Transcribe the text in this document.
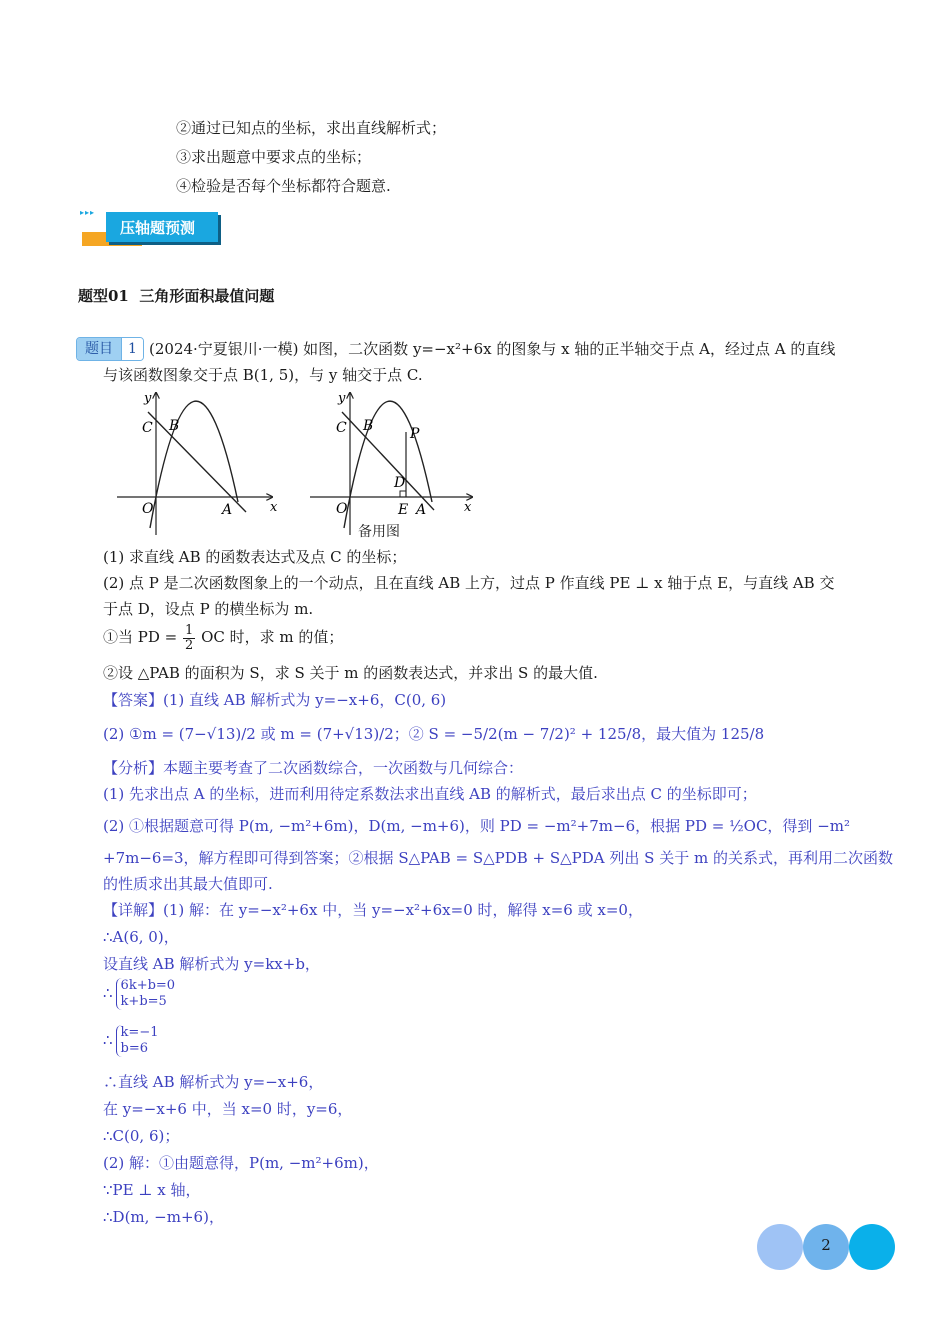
②通过已知点的坐标，求出直线解析式；
③求出题意中要求点的坐标；
④检验是否每个坐标都符合题意.
▸▸▸
压轴题预测
题型01  三角形面积最值问题
题目	1 (2024·宁夏银川·一模) 如图，二次函数 y=−x²+6x 的图象与 x 轴的正半轴交于点 A，经过点 A 的直线
与该函数图象交于点 B(1, 5)，与 y 轴交于点 C.
y
C B
O	A	x
y
C B	P
D
O	E A	x
备用图
(1) 求直线 AB 的函数表达式及点 C 的坐标；
(2) 点 P 是二次函数图象上的一个动点，且在直线 AB 上方，过点 P 作直线 PE ⊥ x 轴于点 E，与直线 AB 交
于点 D，设点 P 的横坐标为 m.
①当 PD = $\frac{1}{2}$ OC 时，求 m 的值；
②设 △PAB 的面积为 S，求 S 关于 m 的函数表达式，并求出 S 的最大值.
【答案】(1) 直线 AB 解析式为 y=−x+6，C(0, 6)
(2) ①m = (7−√13)/2 或 m = (7+√13)/2；② S = −5/2(m − 7/2)² + 125/8，最大值为 125/8
【分析】本题主要考查了二次函数综合，一次函数与几何综合：
(1) 先求出点 A 的坐标，进而利用待定系数法求出直线 AB 的解析式，最后求出点 C 的坐标即可；
(2) ①根据题意可得 P(m, −m²+6m)，D(m, −m+6)，则 PD = −m²+7m−6，根据 PD = ½OC，得到 −m²
+7m−6=3，解方程即可得到答案；②根据 S△PAB = S△PDB + S△PDA 列出 S 关于 m 的关系式，再利用二次函数
的性质求出其最大值即可.
【详解】(1) 解：在 y=−x²+6x 中，当 y=−x²+6x=0 时，解得 x=6 或 x=0，
∴A(6, 0)，
设直线 AB 解析式为 y=kx+b，
∴ 6k+b=0
k+b=5
∴ k=−1
b=6
∴直线 AB 解析式为 y=−x+6，
在 y=−x+6 中，当 x=0 时，y=6，
∴C(0, 6)；
(2) 解：①由题意得，P(m, −m²+6m)，
∵PE ⊥ x 轴，
∴D(m, −m+6)，
2
